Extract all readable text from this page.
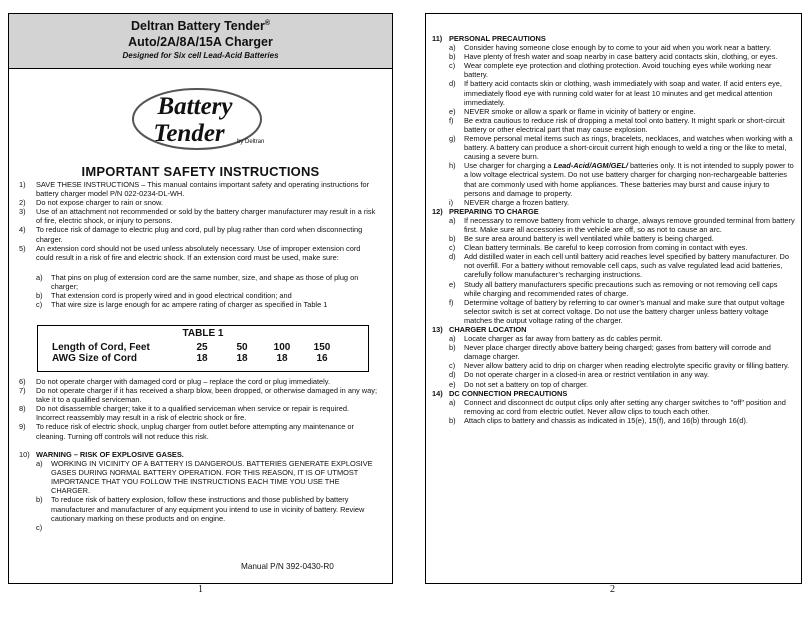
Deltran Battery Tender®
Auto/2A/8A/15A Charger
Designed for Six cell Lead-Acid Batteries
Battery
Tender by Deltran
IMPORTANT SAFETY INSTRUCTIONS
1)	SAVE THESE INSTRUCTIONS – This manual contains important safety and operating instructions for battery charger model P/N 022-0234-DL-WH.
2)	Do not expose charger to rain or snow.
3)	Use of an attachment not recommended or sold by the battery charger manufacturer may result in a risk of fire, electric shock, or injury to persons.
4)	To reduce risk of damage to electric plug and cord, pull by plug rather than cord when disconnecting charger.
5)	An extension cord should not be used unless absolutely necessary. Use of improper extension cord could result in a risk of fire and electric shock. If an extension cord must be used, make sure:
a)	That pins on plug of extension cord are the same number, size, and shape as those of plug on charger;
b)	That extension cord is properly wired and in good electrical condition; and
c)	That wire size is large enough for ac ampere rating of charger as specified in Table 1
TABLE 1
Length of Cord, Feet	25	50	100	150
AWG Size of Cord	18	18	18	16
6)	Do not operate charger with damaged cord or plug – replace the cord or plug immediately.
7)	Do not operate charger if it has received a sharp blow, been dropped, or otherwise damaged in any way; take it to a qualified serviceman.
8)	Do not disassemble charger; take it to a qualified serviceman when service or repair is required. Incorrect reassembly may result in a risk of electric shock or fire.
9)	To reduce risk of electric shock, unplug charger from outlet before attempting any maintenance or cleaning. Turning off controls will not reduce this risk.
10) WARNING – RISK OF EXPLOSIVE GASES.
a)	WORKING IN VICINITY OF A BATTERY IS DANGEROUS. BATTERIES GENERATE EXPLOSIVE GASES DURING NORMAL BATTERY OPERATION. FOR THIS REASON, IT IS OF UTMOST IMPORTANCE THAT YOU FOLLOW THE INSTRUCTIONS EACH TIME YOU USE THE CHARGER.
b)	To reduce risk of battery explosion, follow these instructions and those published by battery manufacturer and manufacturer of any equipment you intend to use in vicinity of battery. Review cautionary marking on these products and on engine.
c)
Manual P/N 392-0430-R0
1
11) PERSONAL PRECAUTIONS
a)	Consider having someone close enough by to come to your aid when you work near a battery.
b)	Have plenty of fresh water and soap nearby in case battery acid contacts skin, clothing, or eyes.
c)	Wear complete eye protection and clothing protection. Avoid touching eyes while working near battery.
d)	If battery acid contacts skin or clothing, wash immediately with soap and water. If acid enters eye, immediately flood eye with running cold water for at least 10 minutes and get medical attention immediately.
e)	NEVER smoke or allow a spark or flame in vicinity of battery or engine.
f)	Be extra cautious to reduce risk of dropping a metal tool onto battery. It might spark or short-circuit battery or other electrical part that may cause explosion.
g)	Remove personal metal items such as rings, bracelets, necklaces, and watches when working with a battery. A battery can produce a short-circuit current high enough to weld a ring or the like to metal, causing a severe burn.
h)	Use charger for charging a Lead-Acid/AGM/GEL/ batteries only. It is not intended to supply power to a low voltage electrical system. Do not use battery charger for charging non-rechargeable batteries that are commonly used with home appliances. These batteries may burst and cause injury to persons and damage to property.
i)	NEVER charge a frozen battery.
12) PREPARING TO CHARGE
a)	If necessary to remove battery from vehicle to charge, always remove grounded terminal from battery first. Make sure all accessories in the vehicle are off, so as not to cause an arc.
b)	Be sure area around battery is well ventilated while battery is being charged.
c)	Clean battery terminals. Be careful to keep corrosion from coming in contact with eyes.
d)	Add distilled water in each cell until battery acid reaches level specified by battery manufacturer. Do not overfill. For a battery without removable cell caps, such as valve regulated lead acid batteries, carefully follow manufacturer’s recharging instructions.
e)	Study all battery manufacturers specific precautions such as removing or not removing cell caps while charging and recommended rates of charge.
f)	Determine voltage of battery by referring to car owner’s manual and make sure that output voltage selector switch is set at correct voltage. Do not use the battery charger unless battery voltage matches the output voltage rating of the charger.
13) CHARGER LOCATION
a)	Locate charger as far away from battery as dc cables permit.
b)	Never place charger directly above battery being charged; gases from battery will corrode and damage charger.
c)	Never allow battery acid to drip on charger when reading electrolyte specific gravity or filling battery.
d)	Do not operate charger in a closed-in area or restrict ventilation in any way.
e)	Do not set a battery on top of charger.
14) DC CONNECTION PRECAUTIONS
a)	Connect and disconnect dc output clips only after setting any charger switches to "off" position and removing ac cord from electric outlet. Never allow clips to touch each other.
b)	Attach clips to battery and chassis as indicated in 15(e), 15(f), and 16(b) through 16(d).
2
